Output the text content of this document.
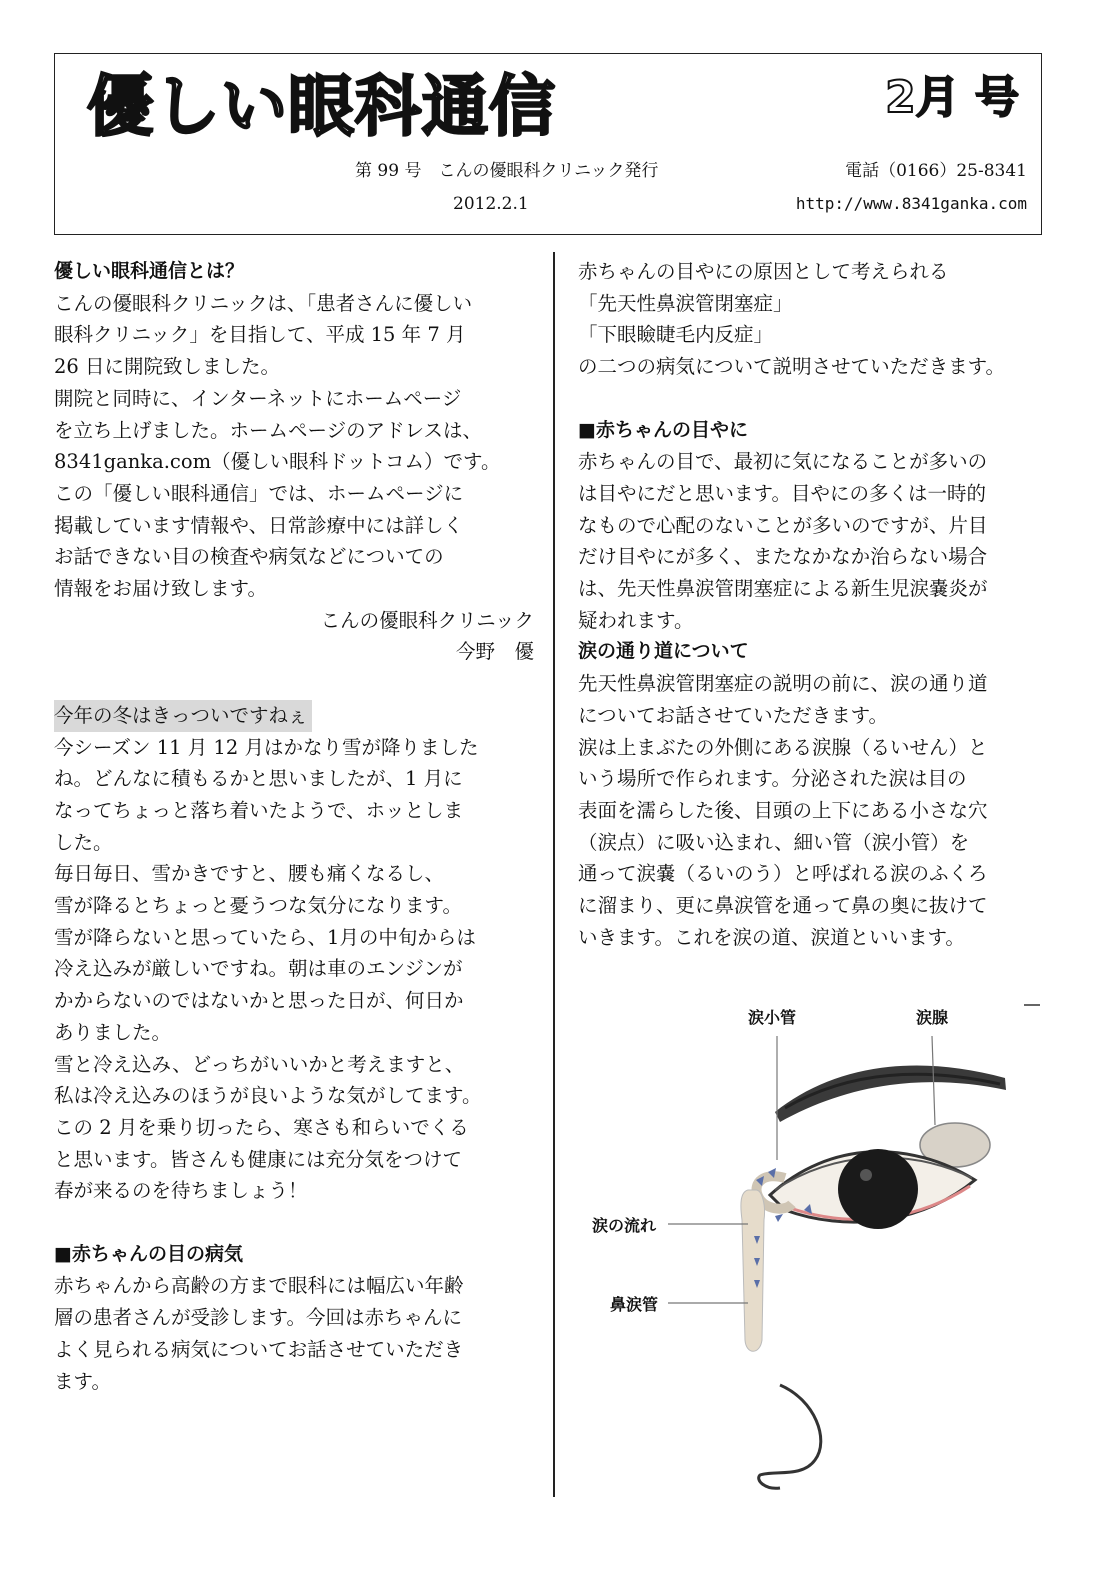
優しい眼科通信	2月 号
第 99 号　こんの優眼科クリニック発行	電話（0166）25-8341
2012.2.1	http://www.8341ganka.com

優しい眼科通信とは？

こんの優眼科クリニックは、「患者さんに優しい

眼科クリニック」を目指して、平成 15 年 7 月

26 日に開院致しました。

開院と同時に、インターネットにホームページ

を立ち上げました。ホームページのアドレスは、

8341ganka.com（優しい眼科ドットコム）です。

この「優しい眼科通信」では、ホームページに

掲載しています情報や、日常診療中には詳しく

お話できない目の検査や病気などについての

情報をお届け致します。

こんの優眼科クリニック

今野　優

今年の冬はきっついですねぇ

今シーズン 11 月 12 月はかなり雪が降りました

ね。どんなに積もるかと思いましたが、1 月に

なってちょっと落ち着いたようで、ホッとしま

した。

毎日毎日、雪かきですと、腰も痛くなるし、

雪が降るとちょっと憂うつな気分になります。

雪が降らないと思っていたら、1月の中旬からは

冷え込みが厳しいですね。朝は車のエンジンが

かからないのではないかと思った日が、何日か

ありました。

雪と冷え込み、どっちがいいかと考えますと、

私は冷え込みのほうが良いような気がしてます。

この 2 月を乗り切ったら、寒さも和らいでくる

と思います。皆さんも健康には充分気をつけて

春が来るのを待ちましょう！

■赤ちゃんの目の病気

赤ちゃんから高齢の方まで眼科には幅広い年齢

層の患者さんが受診します。今回は赤ちゃんに

よく見られる病気についてお話させていただき

ます。

赤ちゃんの目やにの原因として考えられる

「先天性鼻涙管閉塞症」

「下眼瞼睫毛内反症」

の二つの病気について説明させていただきます。

■赤ちゃんの目やに

赤ちゃんの目で、最初に気になることが多いの

は目やにだと思います。目やにの多くは一時的

なもので心配のないことが多いのですが、片目

だけ目やにが多く、またなかなか治らない場合

は、先天性鼻涙管閉塞症による新生児涙嚢炎が

疑われます。

涙の通り道について

先天性鼻涙管閉塞症の説明の前に、涙の通り道

についてお話させていただきます。

涙は上まぶたの外側にある涙腺（るいせん）と

いう場所で作られます。分泌された涙は目の

表面を濡らした後、目頭の上下にある小さな穴

（涙点）に吸い込まれ、細い管（涙小管）を

通って涙嚢（るいのう）と呼ばれる涙のふくろ

に溜まり、更に鼻涙管を通って鼻の奥に抜けて

いきます。これを涙の道、涙道といいます。

涙小管	涙腺
涙の流れ
鼻涙管
